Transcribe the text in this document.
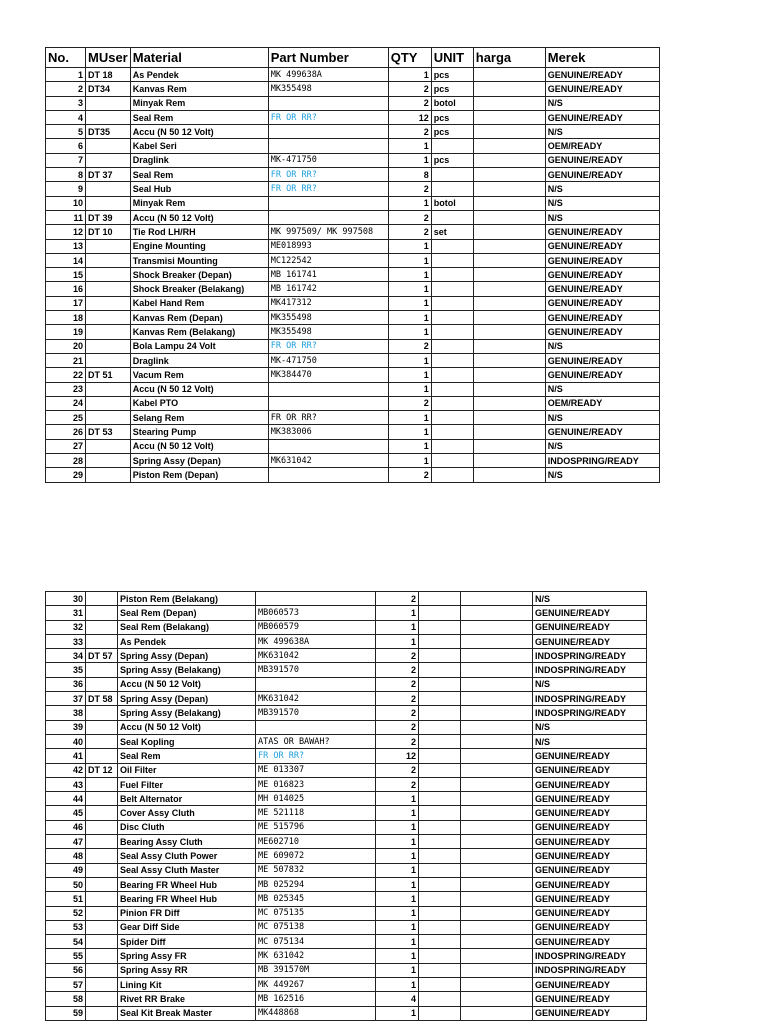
No.	MUser	Material	Part Number	QTY	UNIT	harga	Merek
1	DT 18	As Pendek	MK 499638A	1	pcs		GENUINE/READY
2	DT34	Kanvas Rem	MK355498	2	pcs		GENUINE/READY
3		Minyak Rem		2	botol		N/S
4		Seal Rem	FR OR RR?	12	pcs		GENUINE/READY
5	DT35	Accu (N 50 12 Volt)		2	pcs		N/S
6		Kabel Seri		1			OEM/READY
7		Draglink	MK-471750	1	pcs		GENUINE/READY
8	DT 37	Seal Rem	FR OR RR?	8			GENUINE/READY
9		Seal Hub	FR OR RR?	2			N/S
10		Minyak Rem		1	botol		N/S
11	DT 39	Accu (N 50 12 Volt)		2			N/S
12	DT 10	Tie Rod LH/RH	MK 997509/ MK 997508	2	set		GENUINE/READY
13		Engine Mounting	ME018993	1			GENUINE/READY
14		Transmisi Mounting	MC122542	1			GENUINE/READY
15		Shock Breaker (Depan)	MB 161741	1			GENUINE/READY
16		Shock Breaker (Belakang)	MB 161742	1			GENUINE/READY
17		Kabel Hand Rem	MK417312	1			GENUINE/READY
18		Kanvas Rem (Depan)	MK355498	1			GENUINE/READY
19		Kanvas Rem (Belakang)	MK355498	1			GENUINE/READY
20		Bola Lampu 24 Volt	FR OR RR?	2			N/S
21		Draglink	MK-471750	1			GENUINE/READY
22	DT 51	Vacum Rem	MK384470	1			GENUINE/READY
23		Accu (N 50 12 Volt)		1			N/S
24		Kabel PTO		2			OEM/READY
25		Selang Rem	FR OR RR?	1			N/S
26	DT 53	Stearing Pump	MK383006	1			GENUINE/READY
27		Accu (N 50 12 Volt)		1			N/S
28		Spring Assy (Depan)	MK631042	1			INDOSPRING/READY
29		Piston Rem (Depan)		2			N/S
30		Piston Rem (Belakang)		2			N/S
31		Seal Rem (Depan)	MB060573	1			GENUINE/READY
32		Seal Rem (Belakang)	MB060579	1			GENUINE/READY
33		As Pendek	MK 499638A	1			GENUINE/READY
34	DT 57	Spring Assy (Depan)	MK631042	2			INDOSPRING/READY
35		Spring Assy (Belakang)	MB391570	2			INDOSPRING/READY
36		Accu (N 50 12 Volt)		2			N/S
37	DT 58	Spring Assy (Depan)	MK631042	2			INDOSPRING/READY
38		Spring Assy (Belakang)	MB391570	2			INDOSPRING/READY
39		Accu (N 50 12 Volt)		2			N/S
40		Seal Kopling	ATAS OR BAWAH?	2			N/S
41		Seal Rem	FR OR RR?	12			GENUINE/READY
42	DT 12	Oil Filter	ME 013307	2			GENUINE/READY
43		Fuel Filter	ME 016823	2			GENUINE/READY
44		Belt Alternator	MH 014025	1			GENUINE/READY
45		Cover Assy Cluth	ME 521118	1			GENUINE/READY
46		Disc Cluth	ME 515796	1			GENUINE/READY
47		Bearing Assy Cluth	ME602710	1			GENUINE/READY
48		Seal Assy Cluth Power	ME 609072	1			GENUINE/READY
49		Seal Assy Cluth Master	ME 507832	1			GENUINE/READY
50		Bearing FR Wheel Hub	MB 025294	1			GENUINE/READY
51		Bearing FR Wheel Hub	MB 025345	1			GENUINE/READY
52		Pinion FR Diff	MC 075135	1			GENUINE/READY
53		Gear Diff Side	MC 075138	1			GENUINE/READY
54		Spider Diff	MC 075134	1			GENUINE/READY
55		Spring Assy FR	MK 631042	1			INDOSPRING/READY
56		Spring Assy RR	MB 391570M	1			INDOSPRING/READY
57		Lining Kit	MK 449267	1			GENUINE/READY
58		Rivet RR Brake	MB 162516	4			GENUINE/READY
59		Seal Kit Break Master	MK448868	1			GENUINE/READY
